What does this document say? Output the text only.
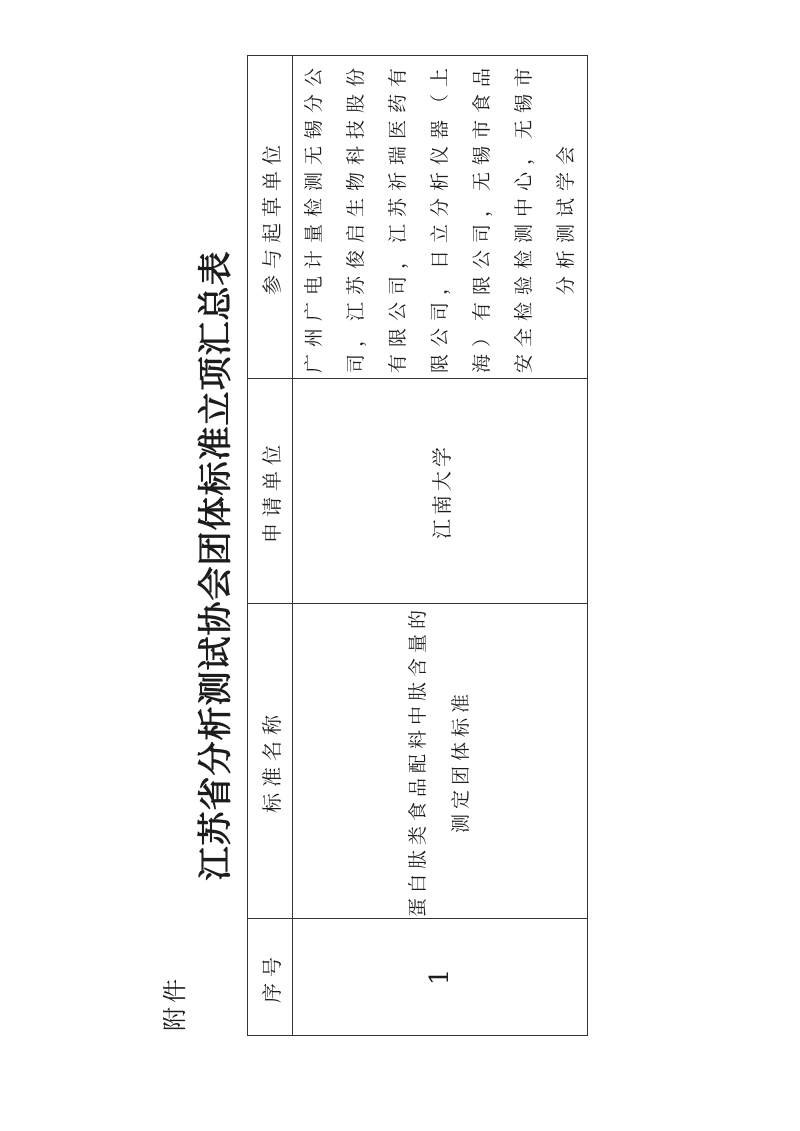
附件
江苏省分析测试协会团体标准立项汇总表
序号	标准名称	申请单位	参与起草单位
1	蛋白肽类食品配料中肽含量的测定团体标准	江南大学	广州广电计量检测无锡分公司，江苏俊启生物科技股份有限公司，江苏祈瑞医药有限公司，日立分析仪器（上海）有限公司，无锡市食品安全检验检测中心，无锡市分析测试学会
